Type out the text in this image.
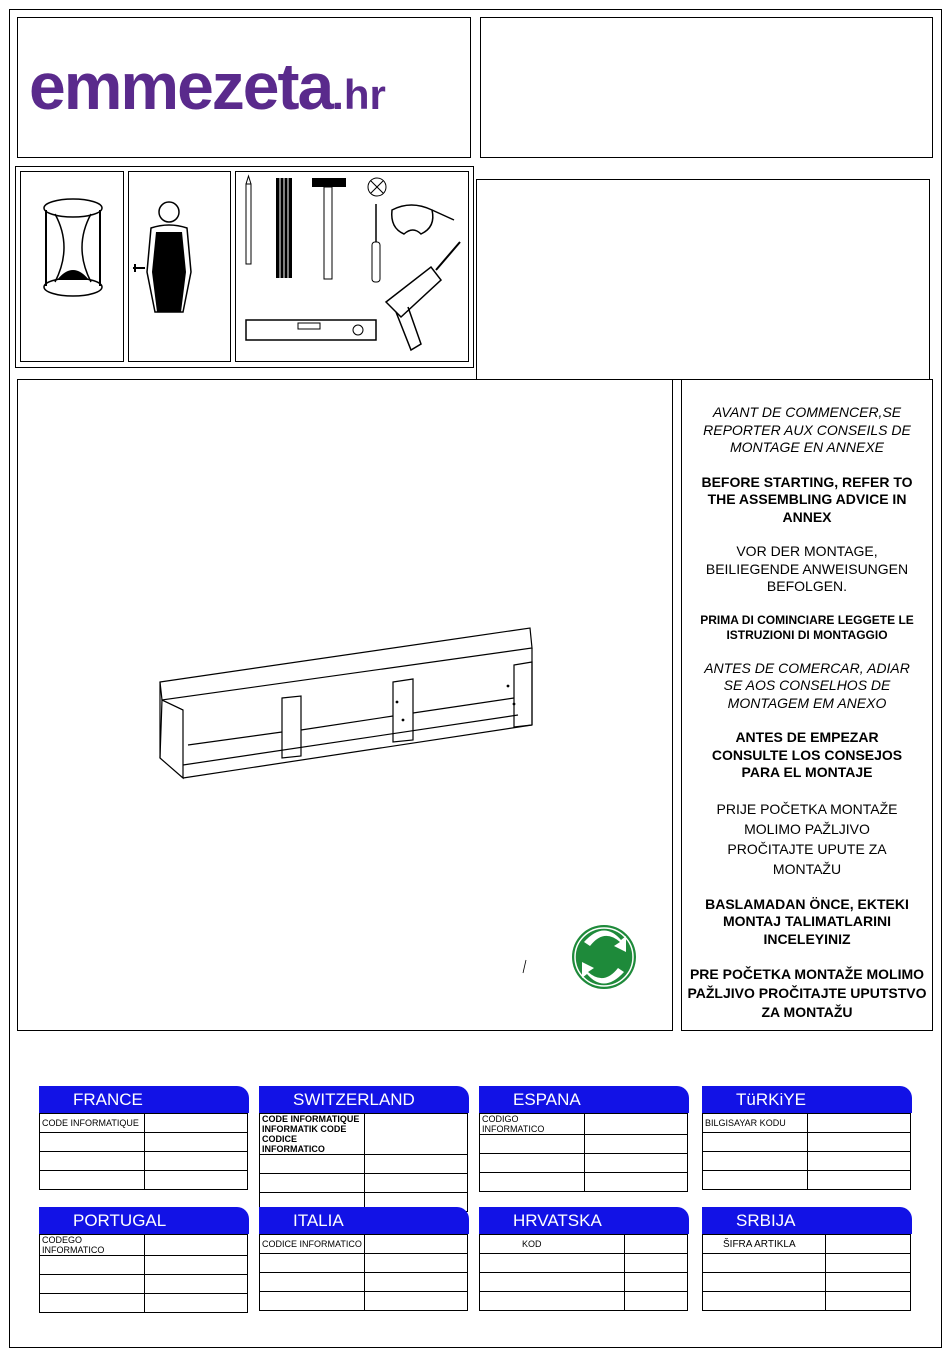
emmezeta.hr

AVANT DE COMMENCER,SE REPORTER AUX CONSEILS DE MONTAGE EN ANNEXE

BEFORE STARTING, REFER TO THE ASSEMBLING ADVICE IN ANNEX

VOR DER MONTAGE, BEILIEGENDE ANWEISUNGEN BEFOLGEN.

PRIMA DI COMINCIARE LEGGETE LE ISTRUZIONI DI MONTAGGIO

ANTES DE COMERCAR, ADIAR SE AOS CONSELHOS DE MONTAGEM EM ANEXO

ANTES DE EMPEZAR CONSULTE LOS CONSEJOS PARA EL MONTAJE

PRIJE POČETKA MONTAŽE MOLIMO PAŽLJIVO PROČITAJTE UPUTE ZA MONTAŽU

BASLAMADAN ÖNCE, EKTEKI MONTAJ TALIMATLARINI INCELEYINIZ

PRE POČETKA MONTAŽE MOLIMO PAŽLJIVO PROČITAJTE UPUTSTVO ZA MONTAŽU

FRANCE
CODE INFORMATIQUE	

SWITZERLAND
CODE INFORMATIQUE
INFORMATIK CODE
CODICE INFORMATICO	

ESPANA
CODIGO INFORMATICO	

TüRKiYE
BILGISAYAR KODU	

PORTUGAL
CODEGO INFORMATICO	

ITALIA
CODICE INFORMATICO	

HRVATSKA
KOD	

SRBIJA
ŠIFRA ARTIKLA	
